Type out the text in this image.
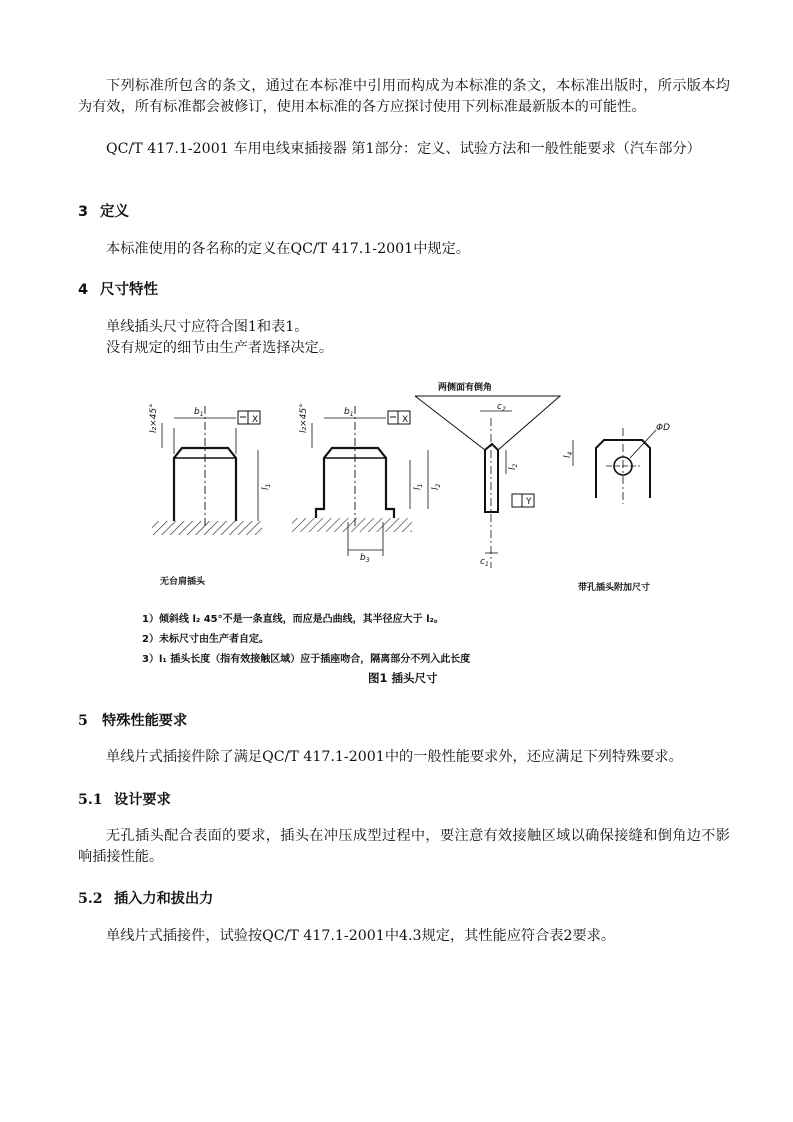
下列标准所包含的条文，通过在本标准中引用而构成为本标准的条文，本标准出版时，所示版本均为有效，所有标准都会被修订，使用本标准的各方应探讨使用下列标准最新版本的可能性。

QC/T 417.1-2001 车用电线束插接器 第1部分：定义、试验方法和一般性能要求（汽车部分）

3 定义

本标准使用的各名称的定义在QC/T 417.1-2001中规定。

4 尺寸特性

单线插头尺寸应符合图1和表1。

没有规定的细节由生产者选择决定。

l₂×45°	l₂×45°
$b_1$	$b_1$
X	X
$l_1$
$l_1$
$l_2$
$b_3$
$c_2$
$l_2$
Y
$c_1$
$l_4$
ΦD
两侧面有倒角
无台肩插头
带孔插头附加尺寸
1）倾斜线 l₂ 45°不是一条直线，而应是凸曲线，其半径应大于 l₂。
2）未标尺寸由生产者自定。
3）l₁ 插头长度（指有效接触区域）应于插座吻合，隔离部分不列入此长度
图1 插头尺寸
5 特殊性能要求

单线片式插接件除了满足QC/T 417.1-2001中的一般性能要求外，还应满足下列特殊要求。

5.1 设计要求

无孔插头配合表面的要求，插头在冲压成型过程中，要注意有效接触区域以确保接缝和倒角边不影响插接性能。

5.2 插入力和拔出力

单线片式插接件，试验按QC/T 417.1-2001中4.3规定，其性能应符合表2要求。
